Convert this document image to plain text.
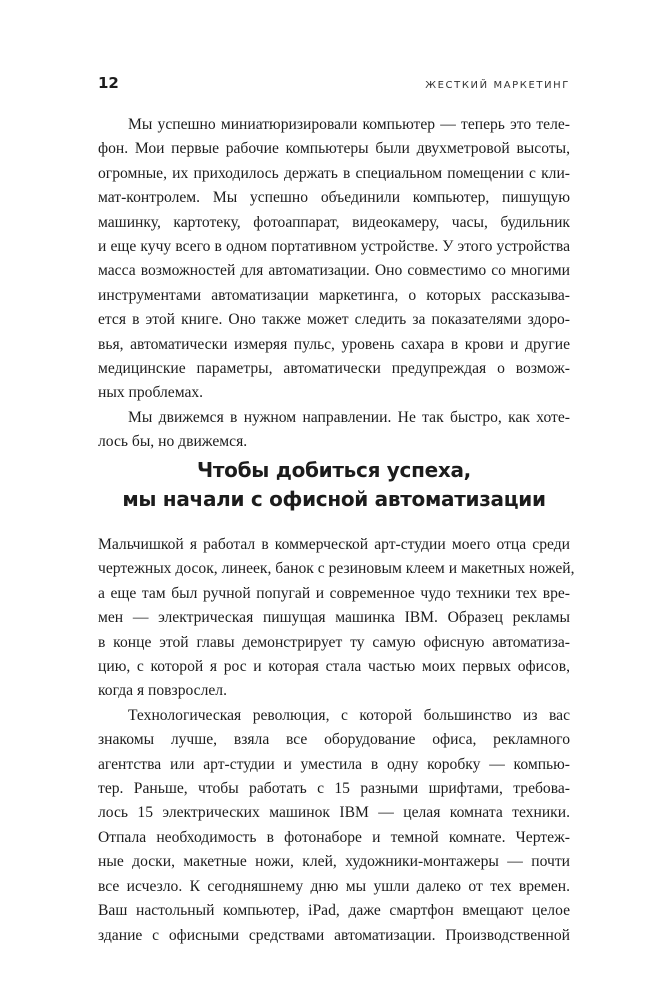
12	ЖЕСТКИЙ МАРКЕТИНГ

Мы успешно миниатюризировали компьютер — теперь это теле-
фон. Мои первые рабочие компьютеры были двухметровой высоты,
огромные, их приходилось держать в специальном помещении с кли-
мат-контролем. Мы успешно объединили компьютер, пишущую
машинку, картотеку, фотоаппарат, видеокамеру, часы, будильник
и еще кучу всего в одном портативном устройстве. У этого устройства
масса возможностей для автоматизации. Оно совместимо со многими
инструментами автоматизации маркетинга, о которых рассказыва-
ется в этой книге. Оно также может следить за показателями здоро-
вья, автоматически измеряя пульс, уровень сахара в крови и другие
медицинские параметры, автоматически предупреждая о возмож-
ных проблемах.

Мы движемся в нужном направлении. Не так быстро, как хоте-
лось бы, но движемся.

Чтобы добиться успеха,
мы начали с офисной автоматизации

Мальчишкой я работал в коммерческой арт-студии моего отца среди
чертежных досок, линеек, банок с резиновым клеем и макетных ножей,
а еще там был ручной попугай и современное чудо техники тех вре-
мен — электрическая пишущая машинка IBM. Образец рекламы
в конце этой главы демонстрирует ту самую офисную автоматиза-
цию, с которой я рос и которая стала частью моих первых офисов,
когда я повзрослел.

Технологическая революция, с которой большинство из вас
знакомы лучше, взяла все оборудование офиса, рекламного
агентства или арт-студии и уместила в одну коробку — компью-
тер. Раньше, чтобы работать с 15 разными шрифтами, требова-
лось 15 электрических машинок IBM — целая комната техники.
Отпала необходимость в фотонаборе и темной комнате. Чертеж-
ные доски, макетные ножи, клей, художники-монтажеры — почти
все исчезло. К сегодняшнему дню мы ушли далеко от тех времен.
Ваш настольный компьютер, iPad, даже смартфон вмещают целое
здание с офисными средствами автоматизации. Производственной
